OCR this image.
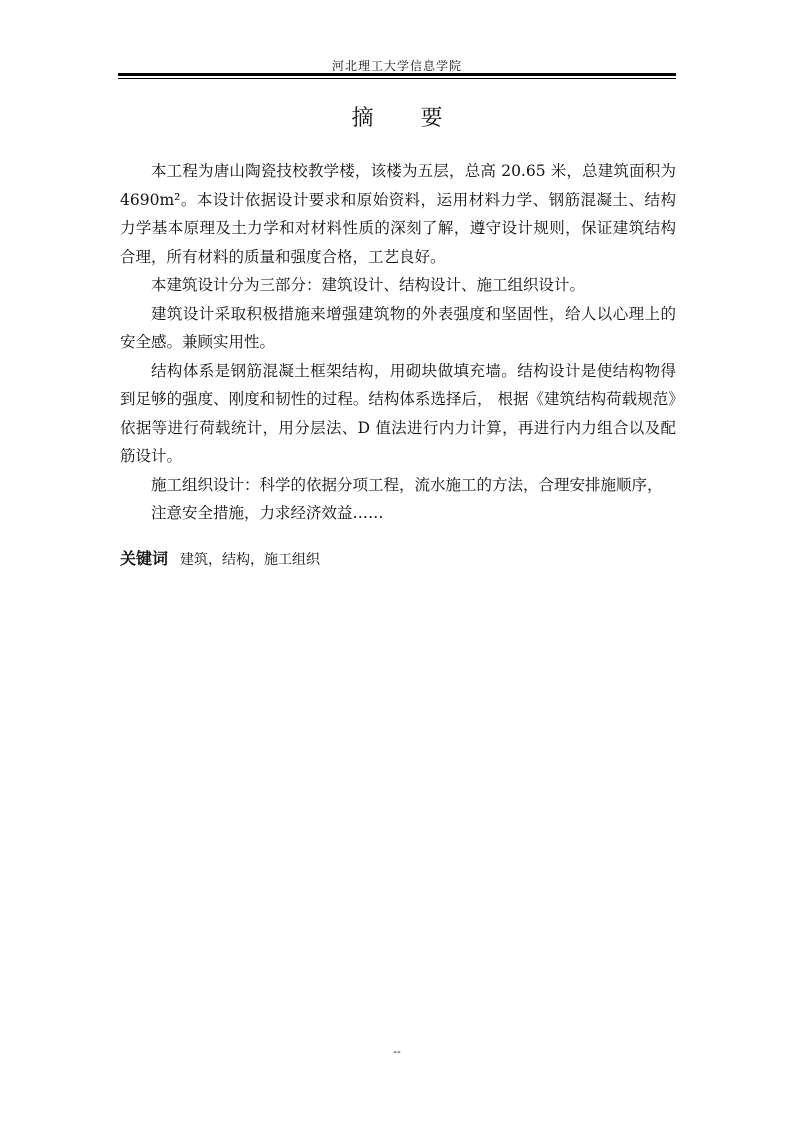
河北理工大学信息学院
摘 要

本工程为唐山陶瓷技校教学楼，该楼为五层，总高 20.65 米，总建筑面积为 4690m²。本设计依据设计要求和原始资料，运用材料力学、钢筋混凝土、结构力学基本原理及土力学和对材料性质的深刻了解，遵守设计规则，保证建筑结构合理，所有材料的质量和强度合格，工艺良好。

本建筑设计分为三部分：建筑设计、结构设计、施工组织设计。

建筑设计采取积极措施来增强建筑物的外表强度和坚固性，给人以心理上的安全感。兼顾实用性。

结构体系是钢筋混凝土框架结构，用砌块做填充墙。结构设计是使结构物得到足够的强度、刚度和韧性的过程。结构体系选择后， 根据《建筑结构荷载规范》依据等进行荷载统计，用分层法、D 值法进行内力计算，再进行内力组合以及配筋设计。

施工组织设计：科学的依据分项工程，流水施工的方法，合理安排施顺序，

注意安全措施，力求经济效益……

关键词 建筑，结构，施工组织
--
